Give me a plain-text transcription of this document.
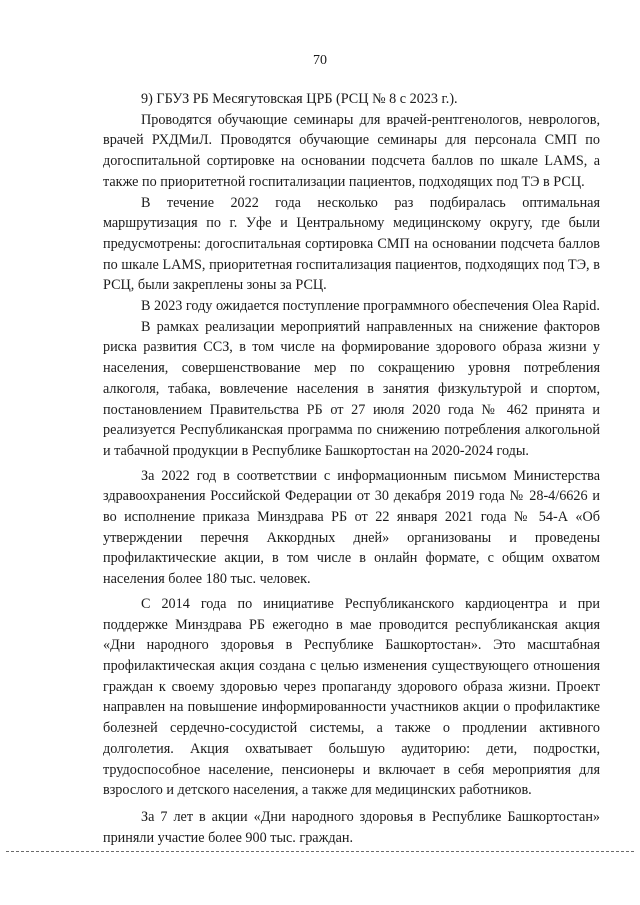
70

9) ГБУЗ РБ Месягутовская ЦРБ (РСЦ № 8 с 2023 г.).

Проводятся обучающие семинары для врачей-рентгенологов, неврологов, врачей РХДМиЛ. Проводятся обучающие семинары для персонала СМП по догоспитальной сортировке на основании подсчета баллов по шкале LAMS, а также по приоритетной госпитализации пациентов, подходящих под ТЭ в РСЦ.

В течение 2022 года несколько раз подбиралась оптимальная маршрутизация по г. Уфе и Центральному медицинскому округу, где были предусмотрены: догоспитальная сортировка СМП на основании подсчета баллов по шкале LAMS, приоритетная госпитализация пациентов, подходящих под ТЭ, в РСЦ, были закреплены зоны за РСЦ.

В 2023 году ожидается поступление программного обеспечения Olea Rapid.

В рамках реализации мероприятий направленных на снижение факторов риска развития ССЗ, в том числе на формирование здорового образа жизни у населения, совершенствование мер по сокращению уровня потребления алкоголя, табака, вовлечение населения в занятия физкультурой и спортом, постановлением Правительства РБ от 27 июля 2020 года № 462 принята и реализуется Республиканская программа по снижению потребления алкогольной и табачной продукции в Республике Башкортостан на 2020-2024 годы.

За 2022 год в соответствии с информационным письмом Министерства здравоохранения Российской Федерации от 30 декабря 2019 года № 28-4/6626 и во исполнение приказа Минздрава РБ от 22 января 2021 года № 54-А «Об утверждении перечня Аккордных дней» организованы и проведены профилактические акции, в том числе в онлайн формате, с общим охватом населения более 180 тыс. человек.

С 2014 года по инициативе Республиканского кардиоцентра и при поддержке Минздрава РБ ежегодно в мае проводится республиканская акция «Дни народного здоровья в Республике Башкортостан». Это масштабная профилактическая акция создана с целью изменения существующего отношения граждан к своему здоровью через пропаганду здорового образа жизни. Проект направлен на повышение информированности участников акции о профилактике болезней сердечно-сосудистой системы, а также о продлении активного долголетия. Акция охватывает большую аудиторию: дети, подростки, трудоспособное население, пенсионеры и включает в себя мероприятия для взрослого и детского населения, а также для медицинских работников.

За 7 лет в акции «Дни народного здоровья в Республике Башкортостан» приняли участие более 900 тыс. граждан.
